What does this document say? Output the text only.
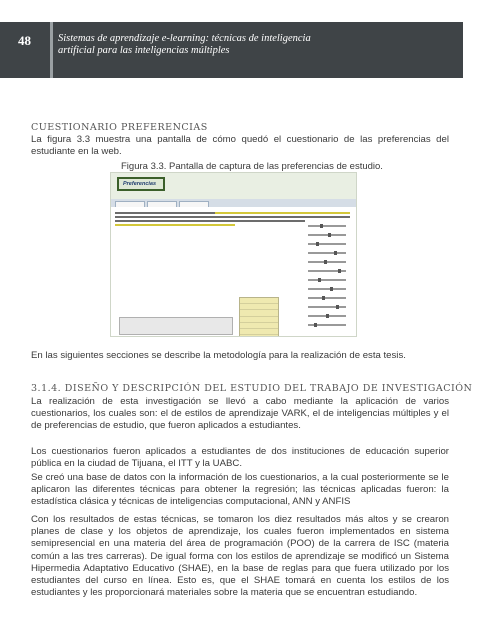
48	Sistemas de aprendizaje e-learning: técnicas de inteligencia artificial para las inteligencias múltiples
CUESTIONARIO PREFERENCIAS
La figura 3.3 muestra una pantalla de cómo quedó el cuestionario de las preferencias del estudiante en la web.
Figura 3.3. Pantalla de captura de las preferencias de estudio.
Preferencias
En las siguientes secciones se describe la metodología para la realización de esta tesis.
3.1.4. DISEÑO Y DESCRIPCIÓN DEL ESTUDIO DEL TRABAJO DE INVESTIGACIÓN
La realización de esta investigación se llevó a cabo mediante la aplicación de varios cuestionarios, los cuales son: el de estilos de aprendizaje VARK, el de inteligencias múltiples y el de preferencias de estudio, que fueron aplicados a estudiantes.
Los cuestionarios fueron aplicados a estudiantes de dos instituciones de educación superior pública en la ciudad de Tijuana, el ITT y la UABC.
Se creó una base de datos con la información de los cuestionarios, a la cual posteriormente se le aplicaron las diferentes técnicas para obtener la regresión; las técnicas aplicadas fueron: la estadística clásica y técnicas de inteligencias computacional, ANN y ANFIS
Con los resultados de estas técnicas, se tomaron los diez resultados más altos y se crearon planes de clase y los objetos de aprendizaje, los cuales fueron implementados en sistema semipresencial en una materia del área de programación (POO) de la carrera de ISC (materia común a las tres carreras). De igual forma con los estilos de aprendizaje se modificó un Sistema Hipermedia Adaptativo Educativo (SHAE), en la base de reglas para que fuera utilizado por los estudiantes del curso en línea. Esto es, que el SHAE tomará en cuenta los estilos de los estudiantes y les proporcionará materiales sobre la materia que se encuentran estudiando.
